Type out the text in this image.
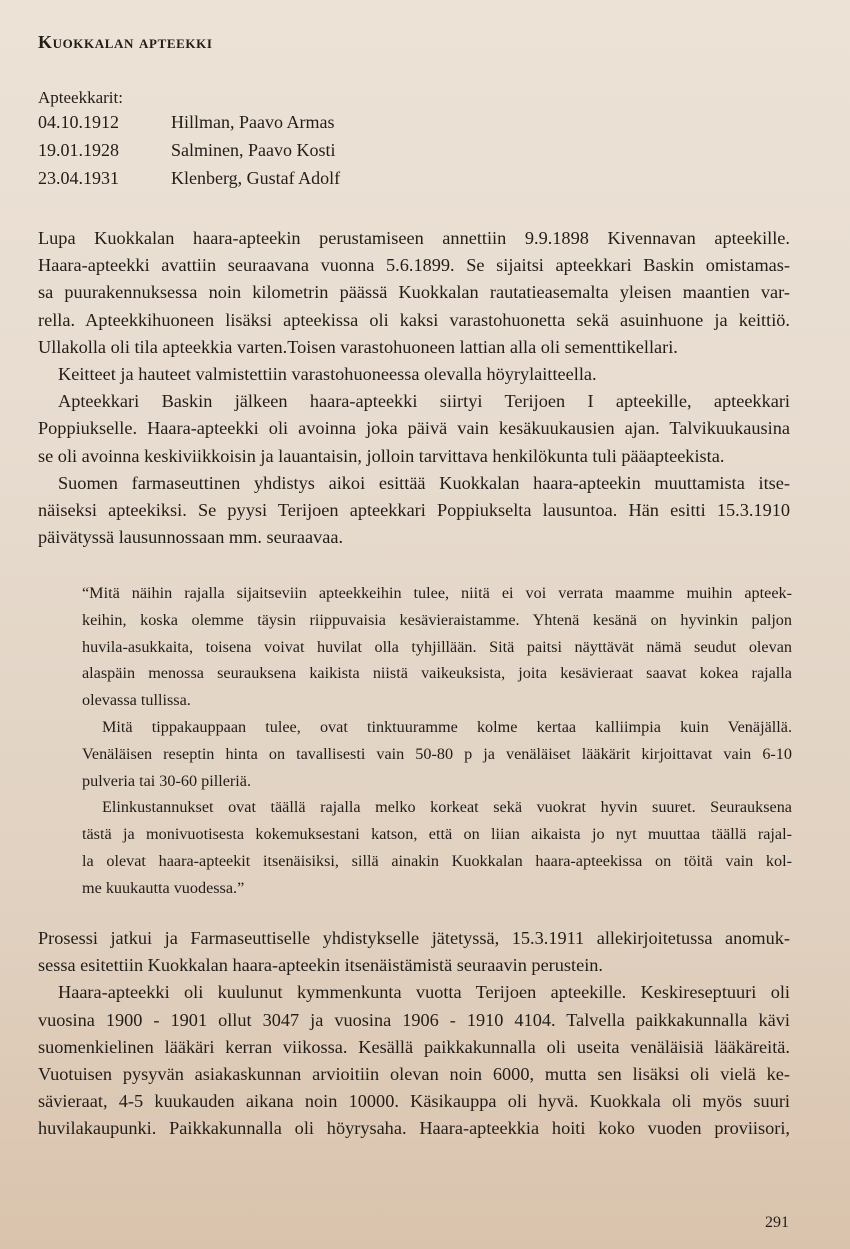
Kuokkalan apteekki
Apteekkarit:
04.10.1912	Hillman, Paavo Armas
19.01.1928	Salminen, Paavo Kosti
23.04.1931	Klenberg, Gustaf Adolf
Lupa Kuokkalan haara-apteekin perustamiseen annettiin 9.9.1898 Kivennavan apteekille.
Haara-apteekki avattiin seuraavana vuonna 5.6.1899. Se sijaitsi apteekkari Baskin omistamas-
sa puurakennuksessa noin kilometrin päässä Kuokkalan rautatieasemalta yleisen maantien var-
rella. Apteekkihuoneen lisäksi apteekissa oli kaksi varastohuonetta sekä asuinhuone ja keittiö.
Ullakolla oli tila apteekkia varten.Toisen varastohuoneen lattian alla oli sementtikellari.
Keitteet ja hauteet valmistettiin varastohuoneessa olevalla höyrylaitteella.
Apteekkari Baskin jälkeen haara-apteekki siirtyi Terijoen I apteekille, apteekkari
Poppiukselle. Haara-apteekki oli avoinna joka päivä vain kesäkuukausien ajan. Talvikuukausina
se oli avoinna keskiviikkoisin ja lauantaisin, jolloin tarvittava henkilökunta tuli pääapteekista.
Suomen farmaseuttinen yhdistys aikoi esittää Kuokkalan haara-apteekin muuttamista itse-
näiseksi apteekiksi. Se pyysi Terijoen apteekkari Poppiukselta lausuntoa. Hän esitti 15.3.1910
päivätyssä lausunnossaan mm. seuraavaa.
“Mitä näihin rajalla sijaitseviin apteekkeihin tulee, niitä ei voi verrata maamme muihin apteek-
keihin, koska olemme täysin riippuvaisia kesävieraistamme. Yhtenä kesänä on hyvinkin paljon
huvila-asukkaita, toisena voivat huvilat olla tyhjillään. Sitä paitsi näyttävät nämä seudut olevan
alaspäin menossa seurauksena kaikista niistä vaikeuksista, joita kesävieraat saavat kokea rajalla
olevassa tullissa.
Mitä tippakauppaan tulee, ovat tinktuuramme kolme kertaa kalliimpia kuin Venäjällä.
Venäläisen reseptin hinta on tavallisesti vain 50-80 p ja venäläiset lääkärit kirjoittavat vain 6-10
pulveria tai 30-60 pilleriä.
Elinkustannukset ovat täällä rajalla melko korkeat sekä vuokrat hyvin suuret. Seurauksena
tästä ja monivuotisesta kokemuksestani katson, että on liian aikaista jo nyt muuttaa täällä rajal-
la olevat haara-apteekit itsenäisiksi, sillä ainakin Kuokkalan haara-apteekissa on töitä vain kol-
me kuukautta vuodessa.”
Prosessi jatkui ja Farmaseuttiselle yhdistykselle jätetyssä, 15.3.1911 allekirjoitetussa anomuk-
sessa esitettiin Kuokkalan haara-apteekin itsenäistämistä seuraavin perustein.
Haara-apteekki oli kuulunut kymmenkunta vuotta Terijoen apteekille. Keskireseptuuri oli
vuosina 1900 - 1901 ollut 3047 ja vuosina 1906 - 1910 4104. Talvella paikkakunnalla kävi
suomenkielinen lääkäri kerran viikossa. Kesällä paikkakunnalla oli useita venäläisiä lääkäreitä.
Vuotuisen pysyvän asiakaskunnan arvioitiin olevan noin 6000, mutta sen lisäksi oli vielä ke-
sävieraat, 4-5 kuukauden aikana noin 10000. Käsikauppa oli hyvä. Kuokkala oli myös suuri
huvilakaupunki. Paikkakunnalla oli höyrysaha. Haara-apteekkia hoiti koko vuoden proviisori,
291
